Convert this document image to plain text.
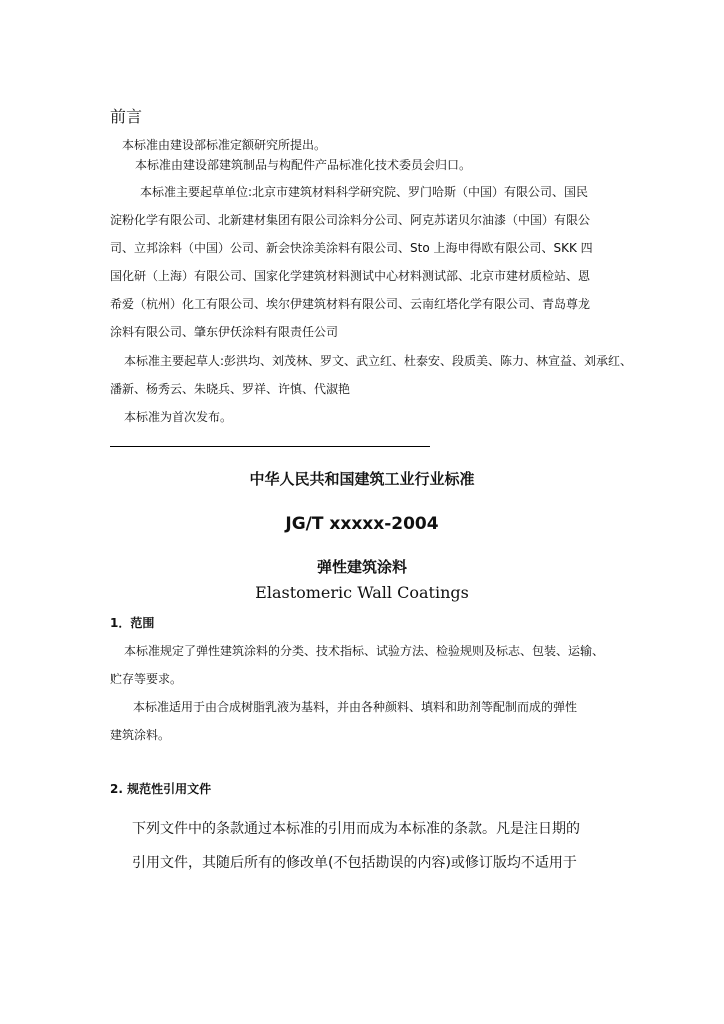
前言
本标准由建设部标准定额研究所提出。
本标准由建设部建筑制品与构配件产品标准化技术委员会归口。
本标准主要起草单位:北京市建筑材料科学研究院、罗门哈斯（中国）有限公司、国民
淀粉化学有限公司、北新建材集团有限公司涂料分公司、阿克苏诺贝尔油漆（中国）有限公
司、立邦涂料（中国）公司、新会快涂美涂料有限公司、Sto 上海申得欧有限公司、SKK 四
国化研（上海）有限公司、国家化学建筑材料测试中心材料测试部、北京市建材质检站、恩
希爱（杭州）化工有限公司、埃尔伊建筑材料有限公司、云南红塔化学有限公司、青岛尊龙
涂料有限公司、肇东伊仸涂料有限责任公司
本标准主要起草人:彭洪均、刘茂林、罗文、武立红、杜泰安、段质美、陈力、林宣益、刘承红、
潘新、杨秀云、朱晓兵、罗祥、许慎、代淑艳
本标准为首次发布。
中华人民共和国建筑工业行业标准
JG/T xxxxx-2004
弹性建筑涂料
Elastomeric Wall Coatings
1．范围
本标准规定了弹性建筑涂料的分类、技术指标、试验方法、检验规则及标志、包装、运输、
贮存等要求。
本标准适用于由合成树脂乳液为基料，并由各种颜料、填料和助剂等配制而成的弹性
建筑涂料。
2. 规范性引用文件
下列文件中的条款通过本标准的引用而成为本标准的条款。凡是注日期的
引用文件，其随后所有的修改单(不包括勘误的内容)或修订版均不适用于
